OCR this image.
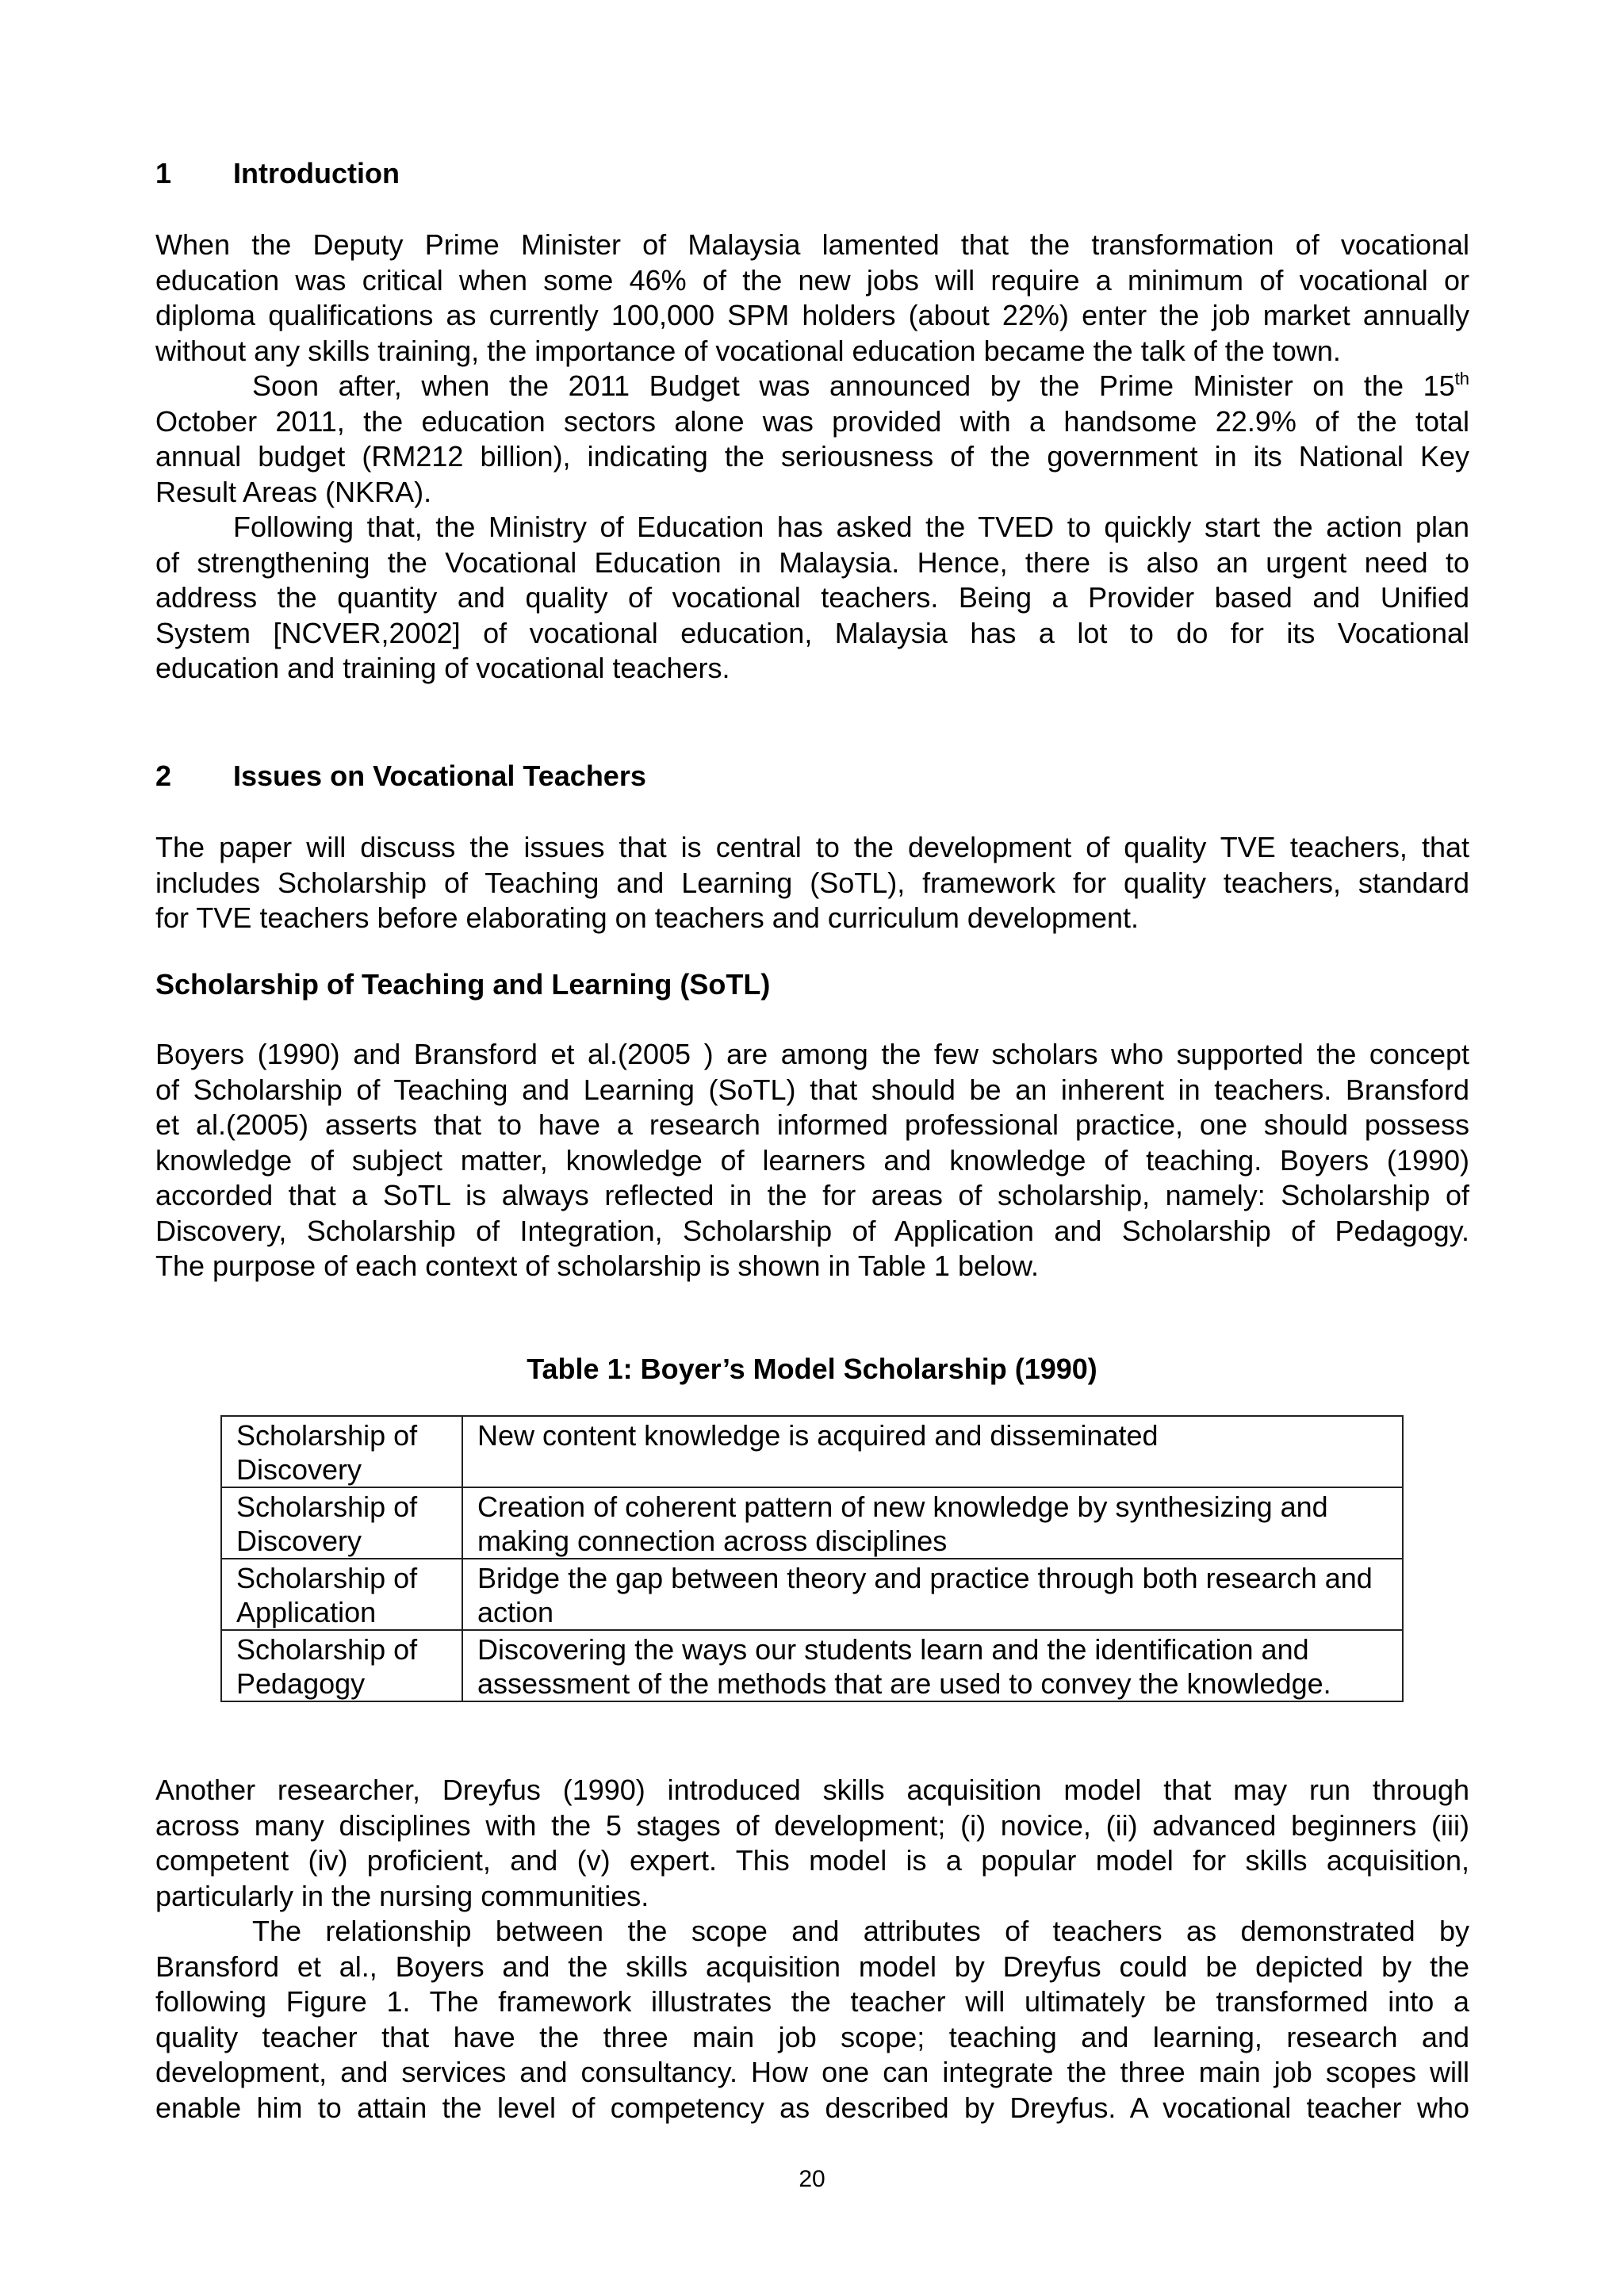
1 Introduction
When the Deputy Prime Minister of Malaysia lamented that the transformation of vocational
education was critical when some 46% of the new jobs will require a minimum of vocational or
diploma qualifications as currently 100,000 SPM holders (about 22%) enter the job market annually
without any skills training, the importance of vocational education became the talk of the town.
Soon after, when the 2011 Budget was announced by the Prime Minister on the 15th
October 2011, the education sectors alone was provided with a handsome 22.9% of the total
annual budget (RM212 billion), indicating the seriousness of the government in its National Key
Result Areas (NKRA).
Following that, the Ministry of Education has asked the TVED to quickly start the action plan
of strengthening the Vocational Education in Malaysia. Hence, there is also an urgent need to
address the quantity and quality of vocational teachers. Being a Provider based and Unified
System [NCVER,2002] of vocational education, Malaysia has a lot to do for its Vocational
education and training of vocational teachers.
2 Issues on Vocational Teachers
The paper will discuss the issues that is central to the development of quality TVE teachers, that
includes Scholarship of Teaching and Learning (SoTL), framework for quality teachers, standard
for TVE teachers before elaborating on teachers and curriculum development.
Scholarship of Teaching and Learning (SoTL)
Boyers (1990) and Bransford et al.(2005 ) are among the few scholars who supported the concept
of Scholarship of Teaching and Learning (SoTL) that should be an inherent in teachers. Bransford
et al.(2005) asserts that to have a research informed professional practice, one should possess
knowledge of subject matter, knowledge of learners and knowledge of teaching. Boyers (1990)
accorded that a SoTL is always reflected in the for areas of scholarship, namely: Scholarship of
Discovery, Scholarship of Integration, Scholarship of Application and Scholarship of Pedagogy.
The purpose of each context of scholarship is shown in Table 1 below.
Table 1: Boyer’s Model Scholarship (1990)
Scholarship of Discovery	New content knowledge is acquired and disseminated
Scholarship of Discovery	Creation of coherent pattern of new knowledge by synthesizing and making connection across disciplines
Scholarship of Application	Bridge the gap between theory and practice through both research and action
Scholarship of Pedagogy	Discovering the ways our students learn and the identification and assessment of the methods that are used to convey the knowledge.
Another researcher, Dreyfus (1990) introduced skills acquisition model that may run through
across many disciplines with the 5 stages of development; (i) novice, (ii) advanced beginners (iii)
competent (iv) proficient, and (v) expert. This model is a popular model for skills acquisition,
particularly in the nursing communities.
The relationship between the scope and attributes of teachers as demonstrated by
Bransford et al., Boyers and the skills acquisition model by Dreyfus could be depicted by the
following Figure 1. The framework illustrates the teacher will ultimately be transformed into a
quality teacher that have the three main job scope; teaching and learning, research and
development, and services and consultancy. How one can integrate the three main job scopes will
enable him to attain the level of competency as described by Dreyfus. A vocational teacher who
20
